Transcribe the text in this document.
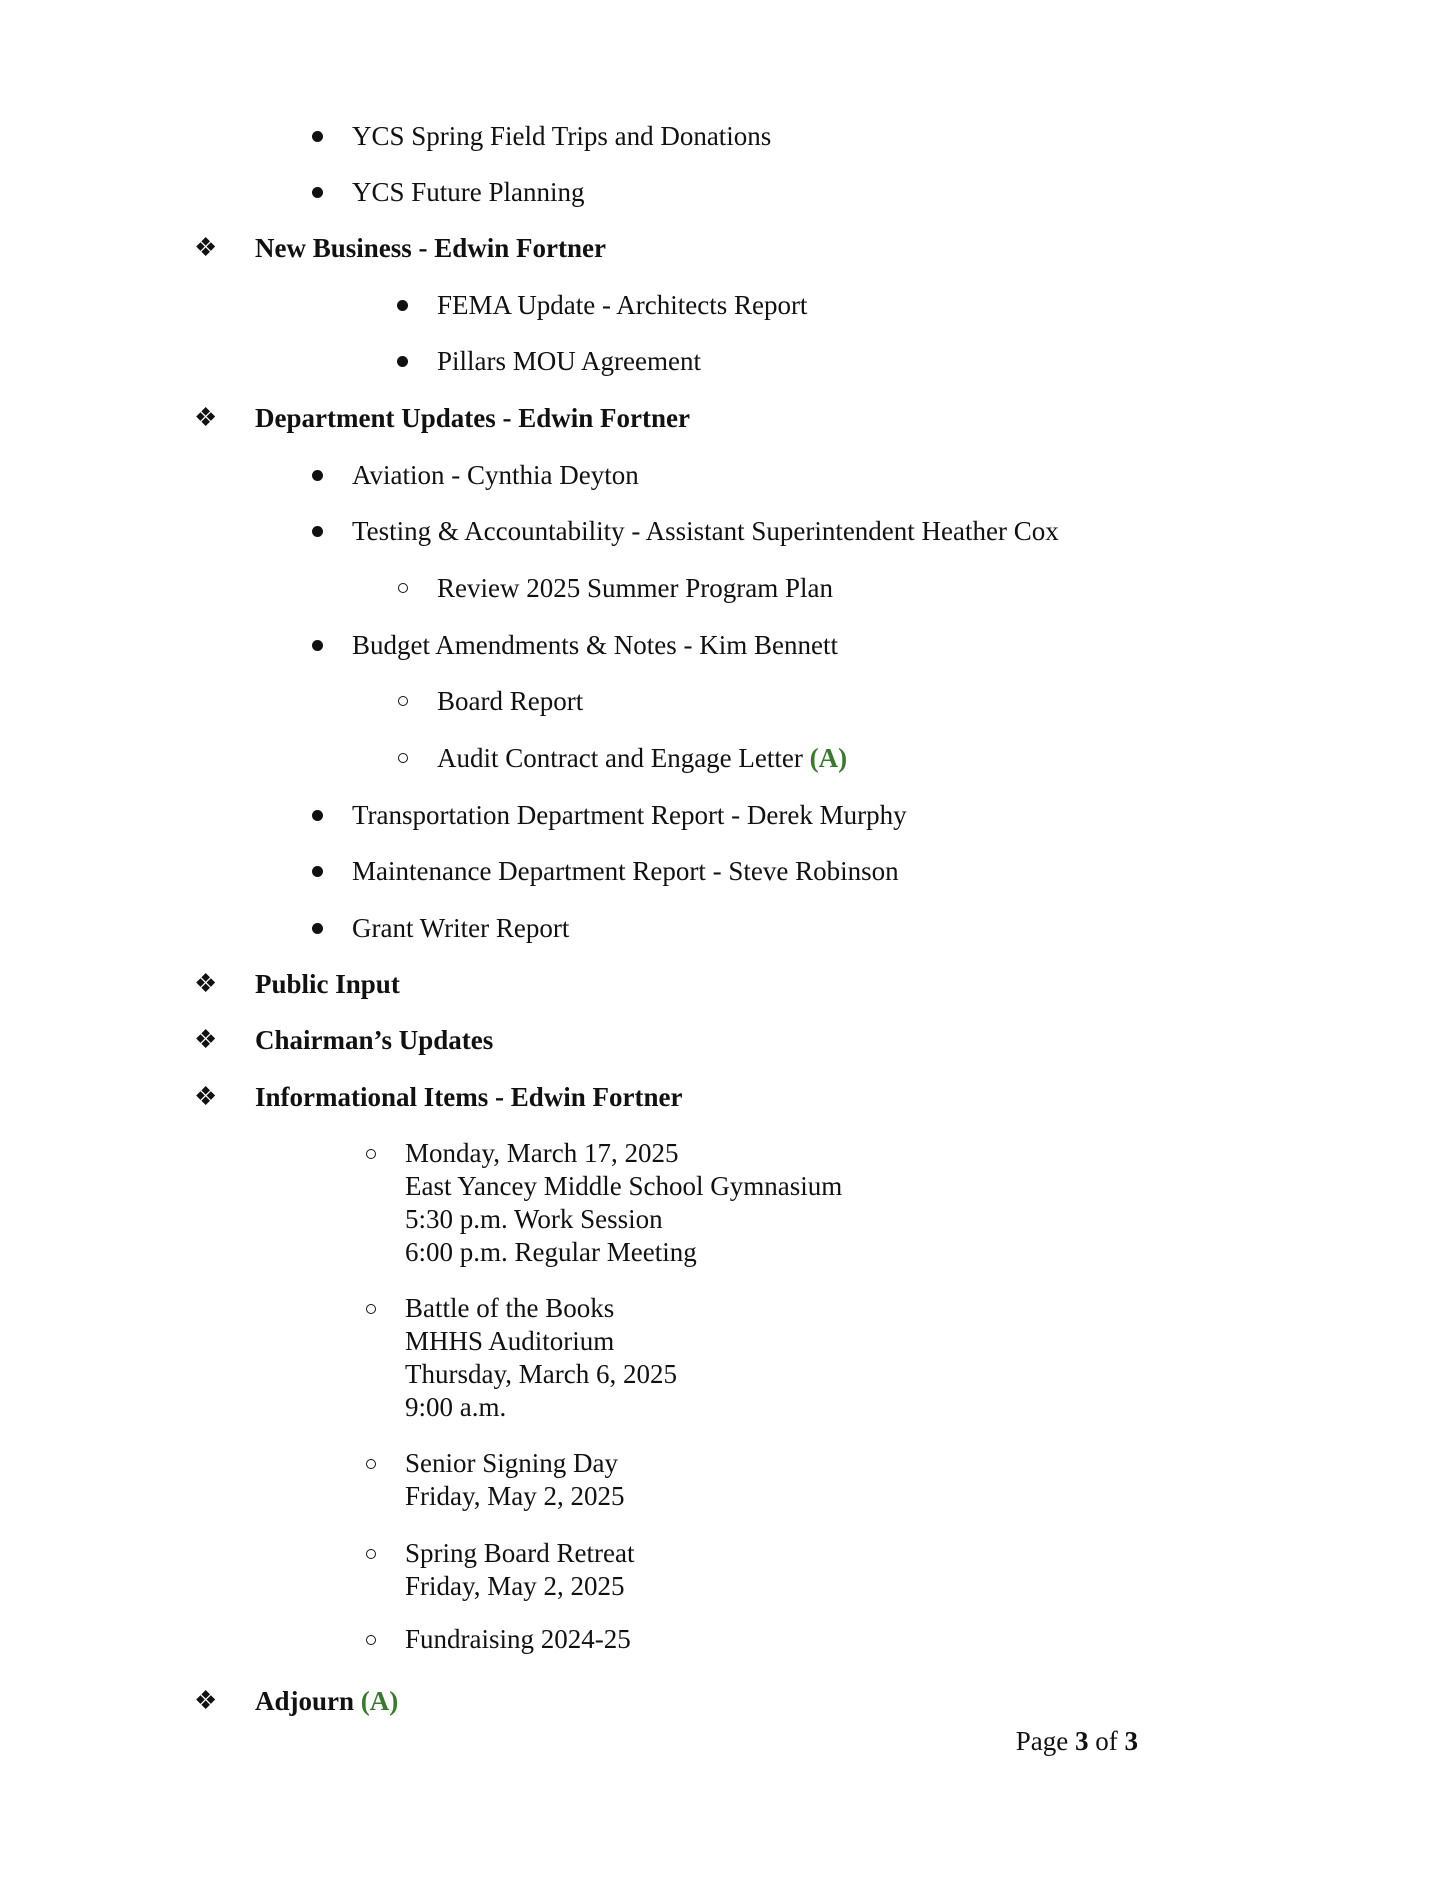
YCS Spring Field Trips and Donations
YCS Future Planning
❖ New Business - Edwin Fortner
FEMA Update - Architects Report
Pillars MOU Agreement
❖ Department Updates - Edwin Fortner
Aviation - Cynthia Deyton
Testing & Accountability - Assistant Superintendent Heather Cox
Review 2025 Summer Program Plan
Budget Amendments & Notes - Kim Bennett
Board Report
Audit Contract and Engage Letter (A)
Transportation Department Report - Derek Murphy
Maintenance Department Report - Steve Robinson
Grant Writer Report
❖ Public Input
❖ Chairman’s Updates
❖ Informational Items - Edwin Fortner
Monday, March 17, 2025
East Yancey Middle School Gymnasium
5:30 p.m. Work Session
6:00 p.m. Regular Meeting
Battle of the Books
MHHS Auditorium
Thursday, March 6, 2025
9:00 a.m.
Senior Signing Day
Friday, May 2, 2025
Spring Board Retreat
Friday, May 2, 2025
Fundraising 2024-25
❖ Adjourn (A)
Page 3 of 3
